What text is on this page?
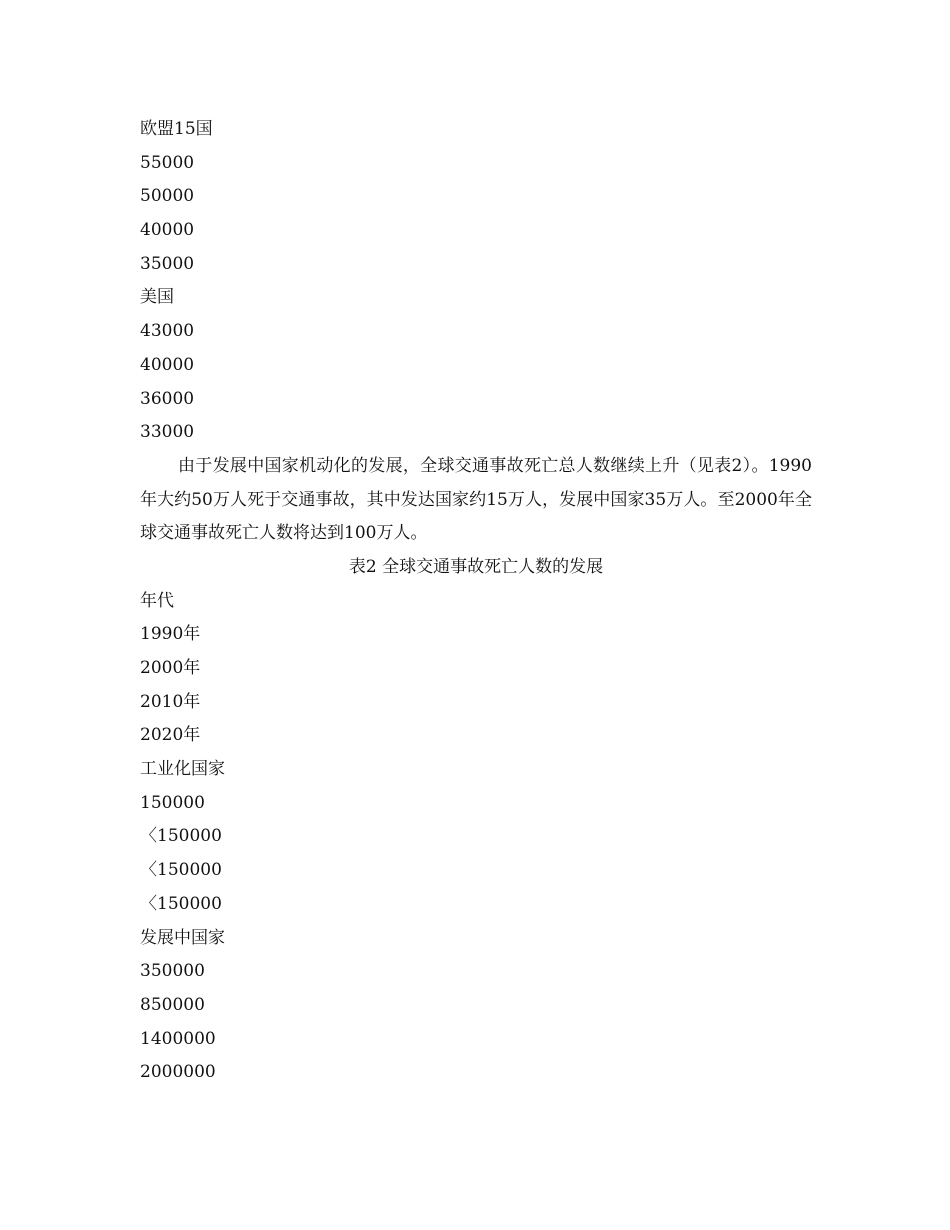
欧盟15国
55000
50000
40000
35000
美国
43000
40000
36000
33000
由于发展中国家机动化的发展，全球交通事故死亡总人数继续上升（见表2）。1990年大约50万人死于交通事故，其中发达国家约15万人，发展中国家35万人。至2000年全球交通事故死亡人数将达到100万人。
表2 全球交通事故死亡人数的发展
年代
1990年
2000年
2010年
2020年
工业化国家
150000
〈150000
〈150000
〈150000
发展中国家
350000
850000
1400000
2000000
